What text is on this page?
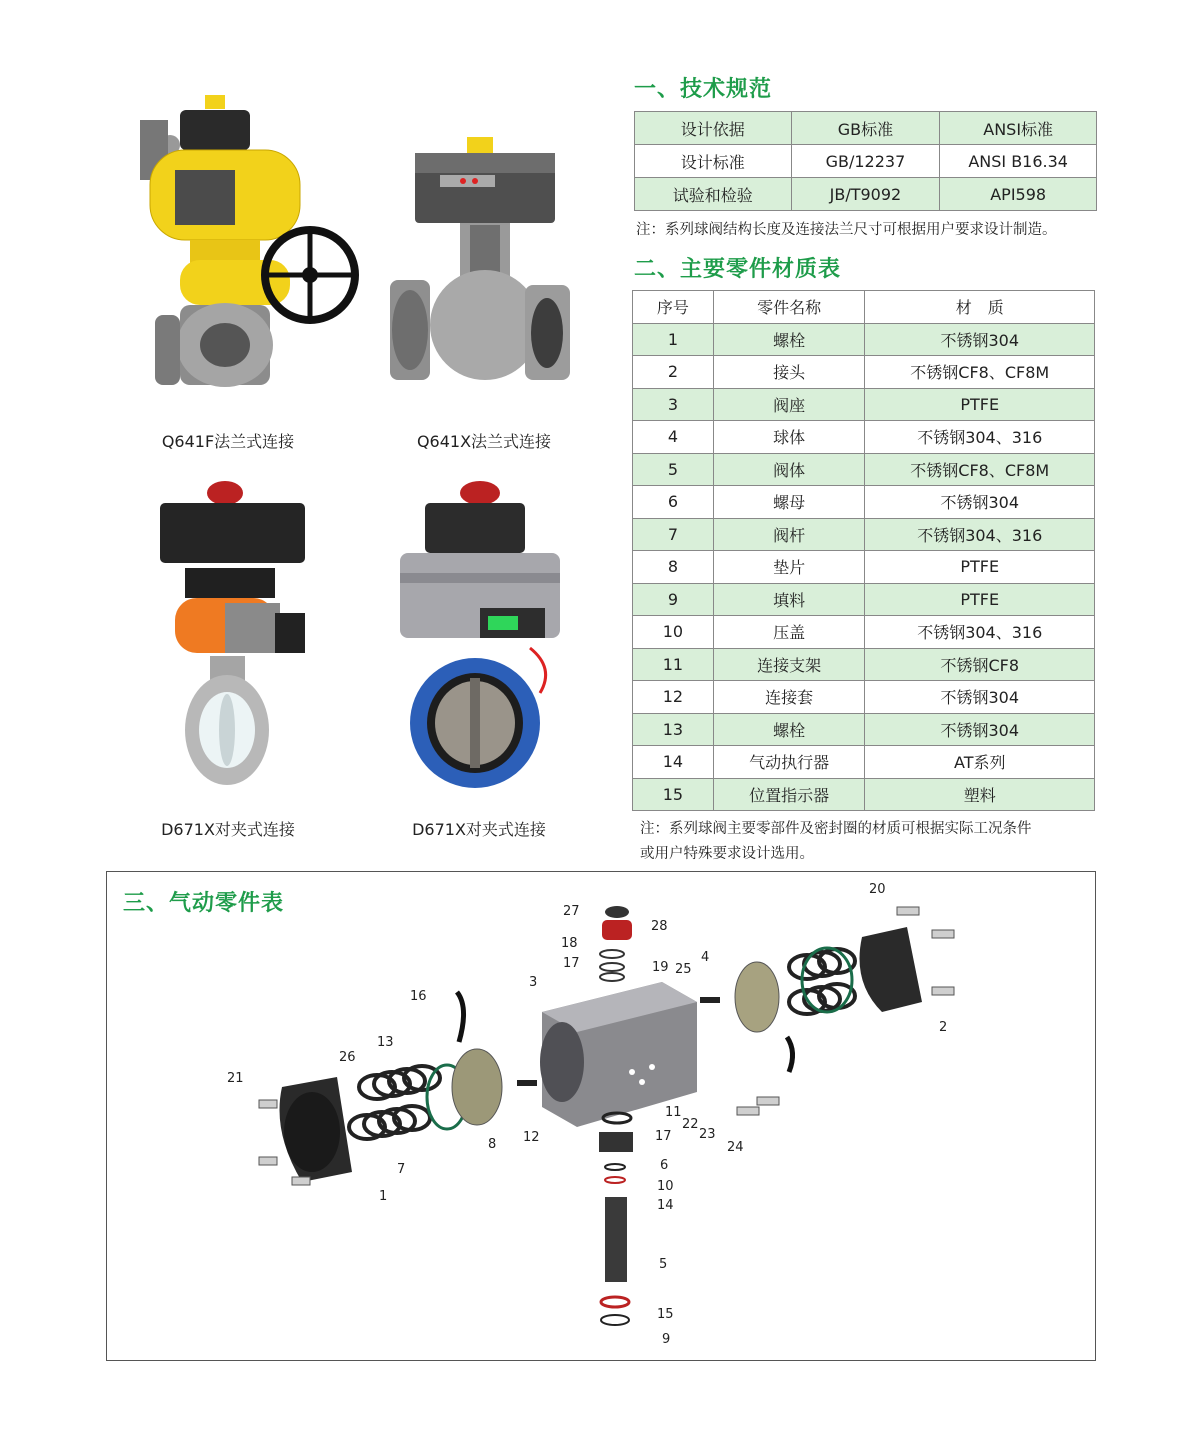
Q641F法兰式连接	Q641X法兰式连接
D671X对夹式连接	D671X对夹式连接
一、技术规范
设计依据	GB标准	ANSI标准
设计标准	GB/12237	ANSI B16.34
试验和检验	JB/T9092	API598
注：系列球阀结构长度及连接法兰尺寸可根据用户要求设计制造。
二、主要零件材质表
序号	零件名称	材　质
1	螺栓	不锈钢304
2	接头	不锈钢CF8、CF8M
3	阀座	PTFE
4	球体	不锈钢304、316
5	阀体	不锈钢CF8、CF8M
6	螺母	不锈钢304
7	阀杆	不锈钢304、316
8	垫片	PTFE
9	填料	PTFE
10	压盖	不锈钢304、316
11	连接支架	不锈钢CF8
12	连接套	不锈钢304
13	螺栓	不锈钢304
14	气动执行器	AT系列
15	位置指示器	塑料
注：系列球阀主要零部件及密封圈的材质可根据实际工况条件
或用户特殊要求设计选用。
三、气动零件表
20
27
28
18
17	19 25
4
3
16
2
13
26
21
8 12
11
22
23
17
24
7	6
1
10
14
5
15
9
